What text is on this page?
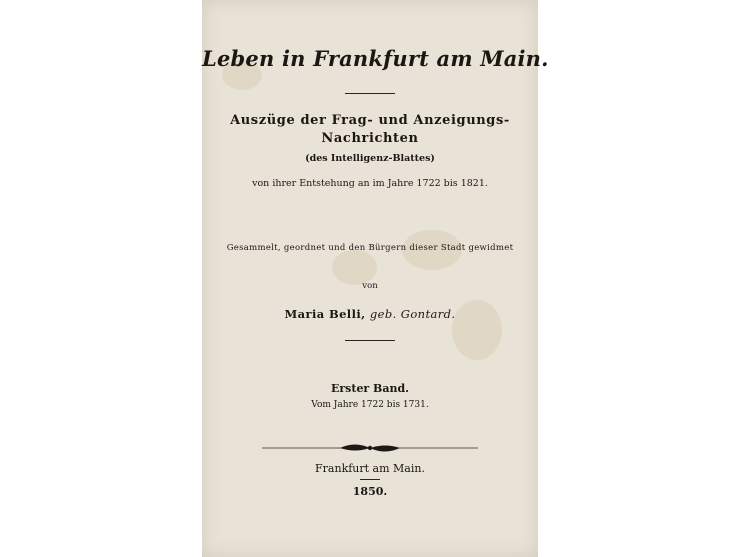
Leben in Frankfurt am Main.
Auszüge der Frag- und Anzeigungs-
Nachrichten
(des Intelligenz-Blattes)
von ihrer Entstehung an im Jahre 1722 bis 1821.
Gesammelt, geordnet und den Bürgern dieser Stadt gewidmet
von
Maria Belli, geb. Gontard.
Erster Band.
Vom Jahre 1722 bis 1731.
Frankfurt am Main.
1850.
